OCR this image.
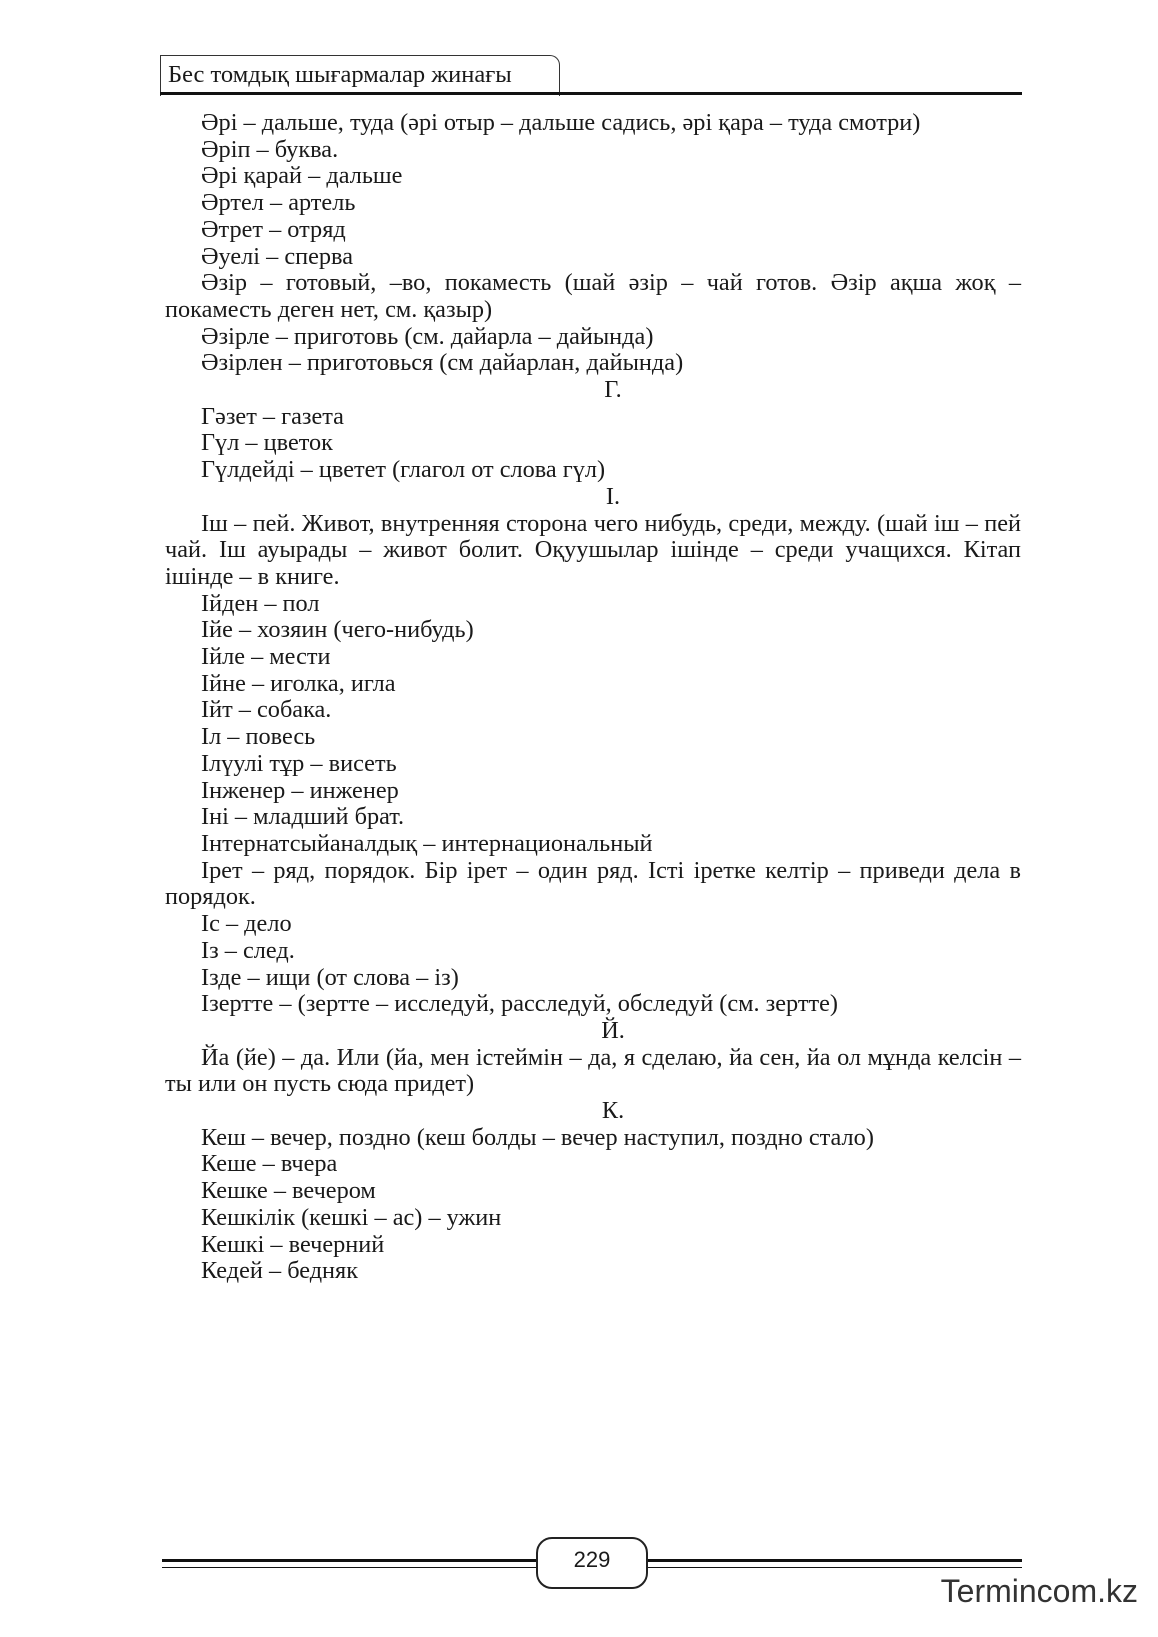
Бес томдық шығармалар жинағы

Әрі – дальше, туда (әрі отыр – дальше садись, әрі қара – туда смотри)

Әріп – буква.

Әрі қарай – дальше

Әртел – артель

Әтрет – отряд

Әуелі – сперва

Әзір – готовый, –во, покаместь (шай әзір – чай готов. Әзір ақша жоқ – покаместь деген нет, см. қазыр)

Әзірле – приготовь (см. дайарла – дайында)

Әзірлен – приготовься (см дайарлан, дайында)

Г.

Гәзет – газета

Гүл – цветок

Гүлдейді – цветет (глагол от слова гүл)

І.

Іш – пей. Живот, внутренняя сторона чего нибудь, среди, между. (шай іш – пей чай. Іш ауырады – живот болит. Оқуушылар ішінде – среди учащихся. Кітап ішінде – в книге.

Ійден – пол

Ійе – хозяин (чего-нибудь)

Ійле – мести

Ійне – иголка, игла

Ійт – собака.

Іл – повесь

Ілүулі тұр – висеть

Інженер – инженер

Іні – младший брат.

Інтернатсыйаналдық – интернациональный

Ірет – ряд, порядок. Бір ірет – один ряд. Істі іретке келтір – приведи дела в порядок.

Іс – дело

Із – след.

Ізде – ищи (от слова – із)

Ізертте – (зертте – исследуй, расследуй, обследуй (см. зертте)

Й.

Йа (йе) – да. Или (йа, мен істеймін – да, я сделаю, йа сен, йа ол мұнда келсін – ты или он пусть сюда придет)

К.

Кеш – вечер, поздно (кеш болды – вечер наступил, поздно стало)

Кеше – вчера

Кешке – вечером

Кешкілік (кешкі – ас) – ужин

Кешкі – вечерний

Кедей – бедняк

229
Termincom.kz
